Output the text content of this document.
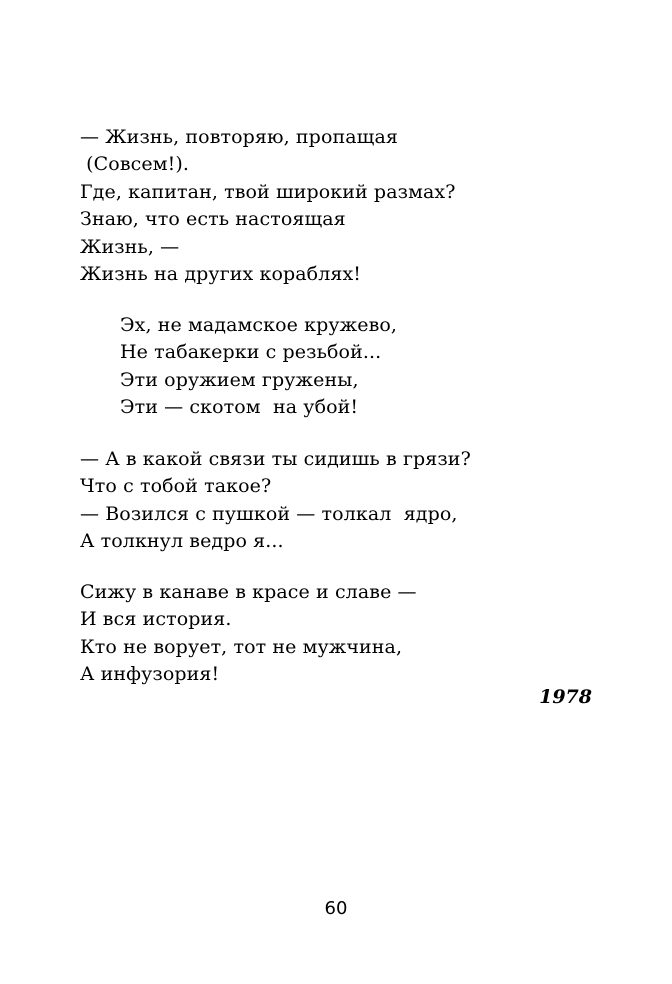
— Жизнь, повторяю, пропащая
(Совсем!).
Где, капитан, твой широкий размах?
Знаю, что есть настоящая
Жизнь, —
Жизнь на других кораблях!
Эх, не мадамское кружево,
Не табакерки с резьбой...
Эти оружием гружены,
Эти — скотом  на убой!
— А в какой связи ты сидишь в грязи?
Что с тобой такое?
— Возился с пушкой — толкал  ядро,
А толкнул ведро я...
Сижу в канаве в красе и славе —
И вся история.
Кто не ворует, тот не мужчина,
А инфузория!
1978
60
